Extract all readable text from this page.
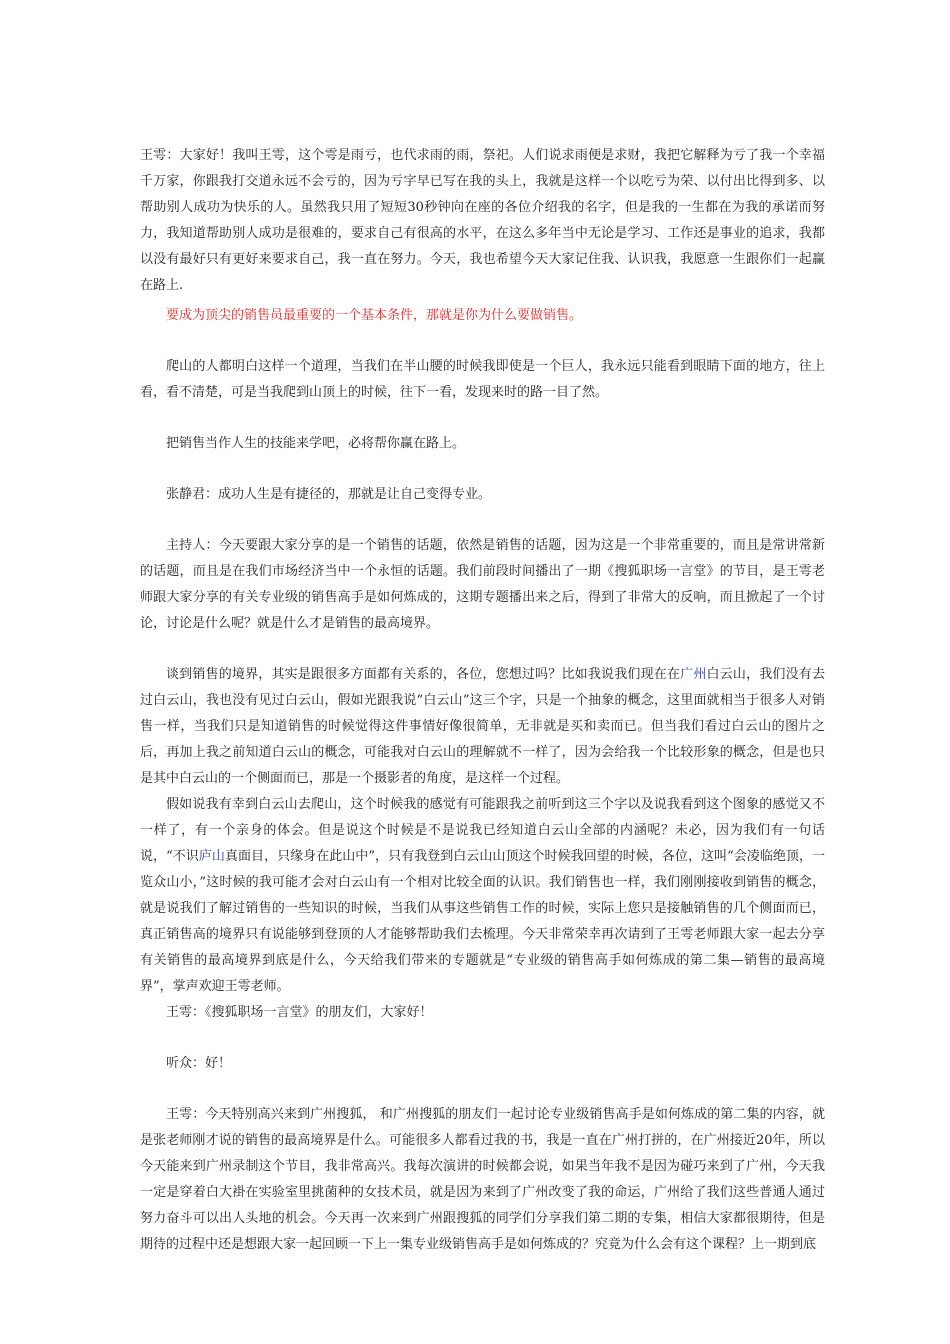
王雩：大家好！我叫王雩，这个雩是雨亏，也代求雨的雨，祭祀。人们说求雨便是求财，我把它解释为亏了我一个幸福千万家，你跟我打交道永远不会亏的，因为亏字早已写在我的头上，我就是这样一个以吃亏为荣、以付出比得到多、以帮助别人成功为快乐的人。虽然我只用了短短30秒钟向在座的各位介绍我的名字，但是我的一生都在为我的承诺而努力，我知道帮助别人成功是很难的，要求自己有很高的水平，在这么多年当中无论是学习、工作还是事业的追求，我都以没有最好只有更好来要求自己，我一直在努力。今天，我也希望今天大家记住我、认识我，我愿意一生跟你们一起赢在路上.

要成为顶尖的销售员最重要的一个基本条件，那就是你为什么要做销售。

爬山的人都明白这样一个道理，当我们在半山腰的时候我即使是一个巨人，我永远只能看到眼睛下面的地方，往上看，看不清楚，可是当我爬到山顶上的时候，往下一看，发现来时的路一目了然。

把销售当作人生的技能来学吧，必将帮你赢在路上。

张静君：成功人生是有捷径的，那就是让自己变得专业。

主持人：今天要跟大家分享的是一个销售的话题，依然是销售的话题，因为这是一个非常重要的，而且是常讲常新的话题，而且是在我们市场经济当中一个永恒的话题。我们前段时间播出了一期《搜狐职场一言堂》的节目，是王雩老师跟大家分享的有关专业级的销售高手是如何炼成的，这期专题播出来之后，得到了非常大的反响，而且掀起了一个讨论，讨论是什么呢？就是什么才是销售的最高境界。

谈到销售的境界，其实是跟很多方面都有关系的，各位，您想过吗？比如我说我们现在在广州白云山，我们没有去过白云山，我也没有见过白云山，假如光跟我说“白云山”这三个字，只是一个抽象的概念，这里面就相当于很多人对销售一样，当我们只是知道销售的时候觉得这件事情好像很简单，无非就是买和卖而已。但当我们看过白云山的图片之后，再加上我之前知道白云山的概念，可能我对白云山的理解就不一样了，因为会给我一个比较形象的概念，但是也只是其中白云山的一个侧面而已，那是一个摄影者的角度，是这样一个过程。

假如说我有幸到白云山去爬山，这个时候我的感觉有可能跟我之前听到这三个字以及说我看到这个图象的感觉又不一样了，有一个亲身的体会。但是说这个时候是不是说我已经知道白云山全部的内涵呢？未必，因为我们有一句话说，“不识庐山真面目，只缘身在此山中”，只有我登到白云山山顶这个时候我回望的时候，各位，这叫“会凌临绝顶，一览众山小，”这时候的我可能才会对白云山有一个相对比较全面的认识。我们销售也一样，我们刚刚接收到销售的概念，就是说我们了解过销售的一些知识的时候，当我们从事这些销售工作的时候，实际上您只是接触销售的几个侧面而已，真正销售高的境界只有说能够到登顶的人才能够帮助我们去梳理。今天非常荣幸再次请到了王雩老师跟大家一起去分享有关销售的最高境界到底是什么，今天给我们带来的专题就是“专业级的销售高手如何炼成的第二集—销售的最高境界”，掌声欢迎王雩老师。

王雩：《搜狐职场一言堂》的朋友们，大家好！

听众：好！

王雩：今天特别高兴来到广州搜狐， 和广州搜狐的朋友们一起讨论专业级销售高手是如何炼成的第二集的内容，就是张老师刚才说的销售的最高境界是什么。可能很多人都看过我的书，我是一直在广州打拼的，在广州接近20年，所以今天能来到广州录制这个节目，我非常高兴。我每次演讲的时候都会说，如果当年我不是因为碰巧来到了广州，今天我一定是穿着白大褂在实验室里挑菌种的女技术员，就是因为来到了广州改变了我的命运，广州给了我们这些普通人通过努力奋斗可以出人头地的机会。今天再一次来到广州跟搜狐的同学们分享我们第二期的专集，相信大家都很期待，但是期待的过程中还是想跟大家一起回顾一下上一集专业级销售高手是如何炼成的？究竟为什么会有这个课程？上一期到底
